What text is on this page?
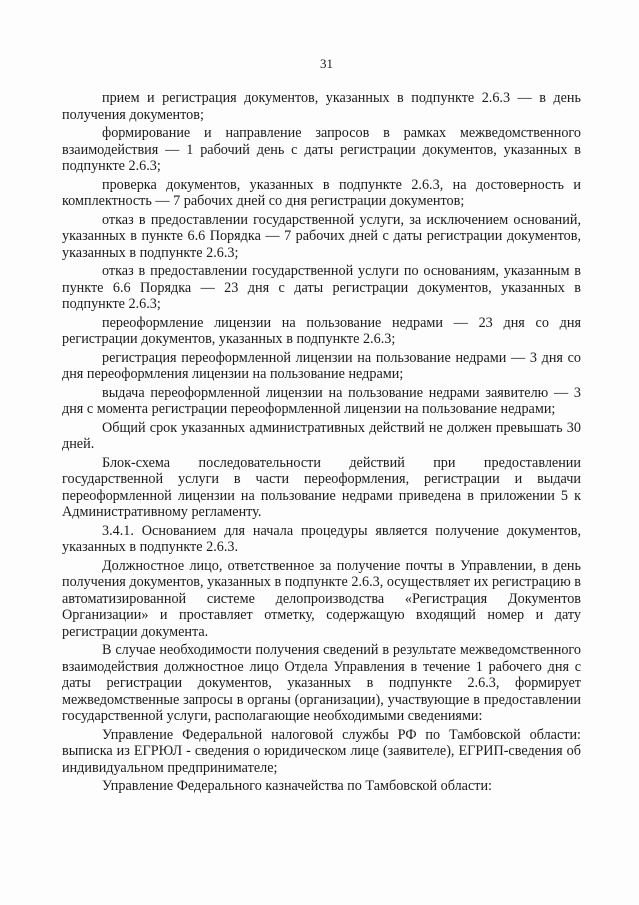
31

прием и регистрация документов, указанных в подпункте 2.6.3 — в день получения документов;

формирование и направление запросов в рамках межведомственного взаимодействия — 1 рабочий день с даты регистрации документов, указанных в подпункте 2.6.3;

проверка документов, указанных в подпункте 2.6.3, на достоверность и комплектность — 7 рабочих дней со дня регистрации документов;

отказ в предоставлении государственной услуги, за исключением оснований, указанных в пункте 6.6 Порядка — 7 рабочих дней с даты регистрации документов, указанных в подпункте 2.6.3;

отказ в предоставлении государственной услуги по основаниям, указанным в пункте 6.6 Порядка — 23 дня с даты регистрации документов, указанных в подпункте 2.6.3;

переоформление лицензии на пользование недрами — 23 дня со дня регистрации документов, указанных в подпункте 2.6.3;

регистрация переоформленной лицензии на пользование недрами — 3 дня со дня переоформления лицензии на пользование недрами;

выдача переоформленной лицензии на пользование недрами заявителю — 3 дня с момента регистрации переоформленной лицензии на пользование недрами;

Общий срок указанных административных действий не должен превышать 30 дней.

Блок-схема последовательности действий при предоставлении государственной услуги в части переоформления, регистрации и выдачи переоформленной лицензии на пользование недрами приведена в приложении 5 к Административному регламенту.

3.4.1. Основанием для начала процедуры является получение документов, указанных в подпункте 2.6.3.

Должностное лицо, ответственное за получение почты в Управлении, в день получения документов, указанных в подпункте 2.6.3, осуществляет их регистрацию в автоматизированной системе делопроизводства «Регистрация Документов Организации» и проставляет отметку, содержащую входящий номер и дату регистрации документа.

В случае необходимости получения сведений в результате межведомственного взаимодействия должностное лицо Отдела Управления в течение 1 рабочего дня с даты регистрации документов, указанных в подпункте 2.6.3, формирует межведомственные запросы в органы (организации), участвующие в предоставлении государственной услуги, располагающие необходимыми сведениями:

Управление Федеральной налоговой службы РФ по Тамбовской области: выписка из ЕГРЮЛ - сведения о юридическом лице (заявителе), ЕГРИП-сведения об индивидуальном предпринимателе;

Управление Федерального казначейства по Тамбовской области:
